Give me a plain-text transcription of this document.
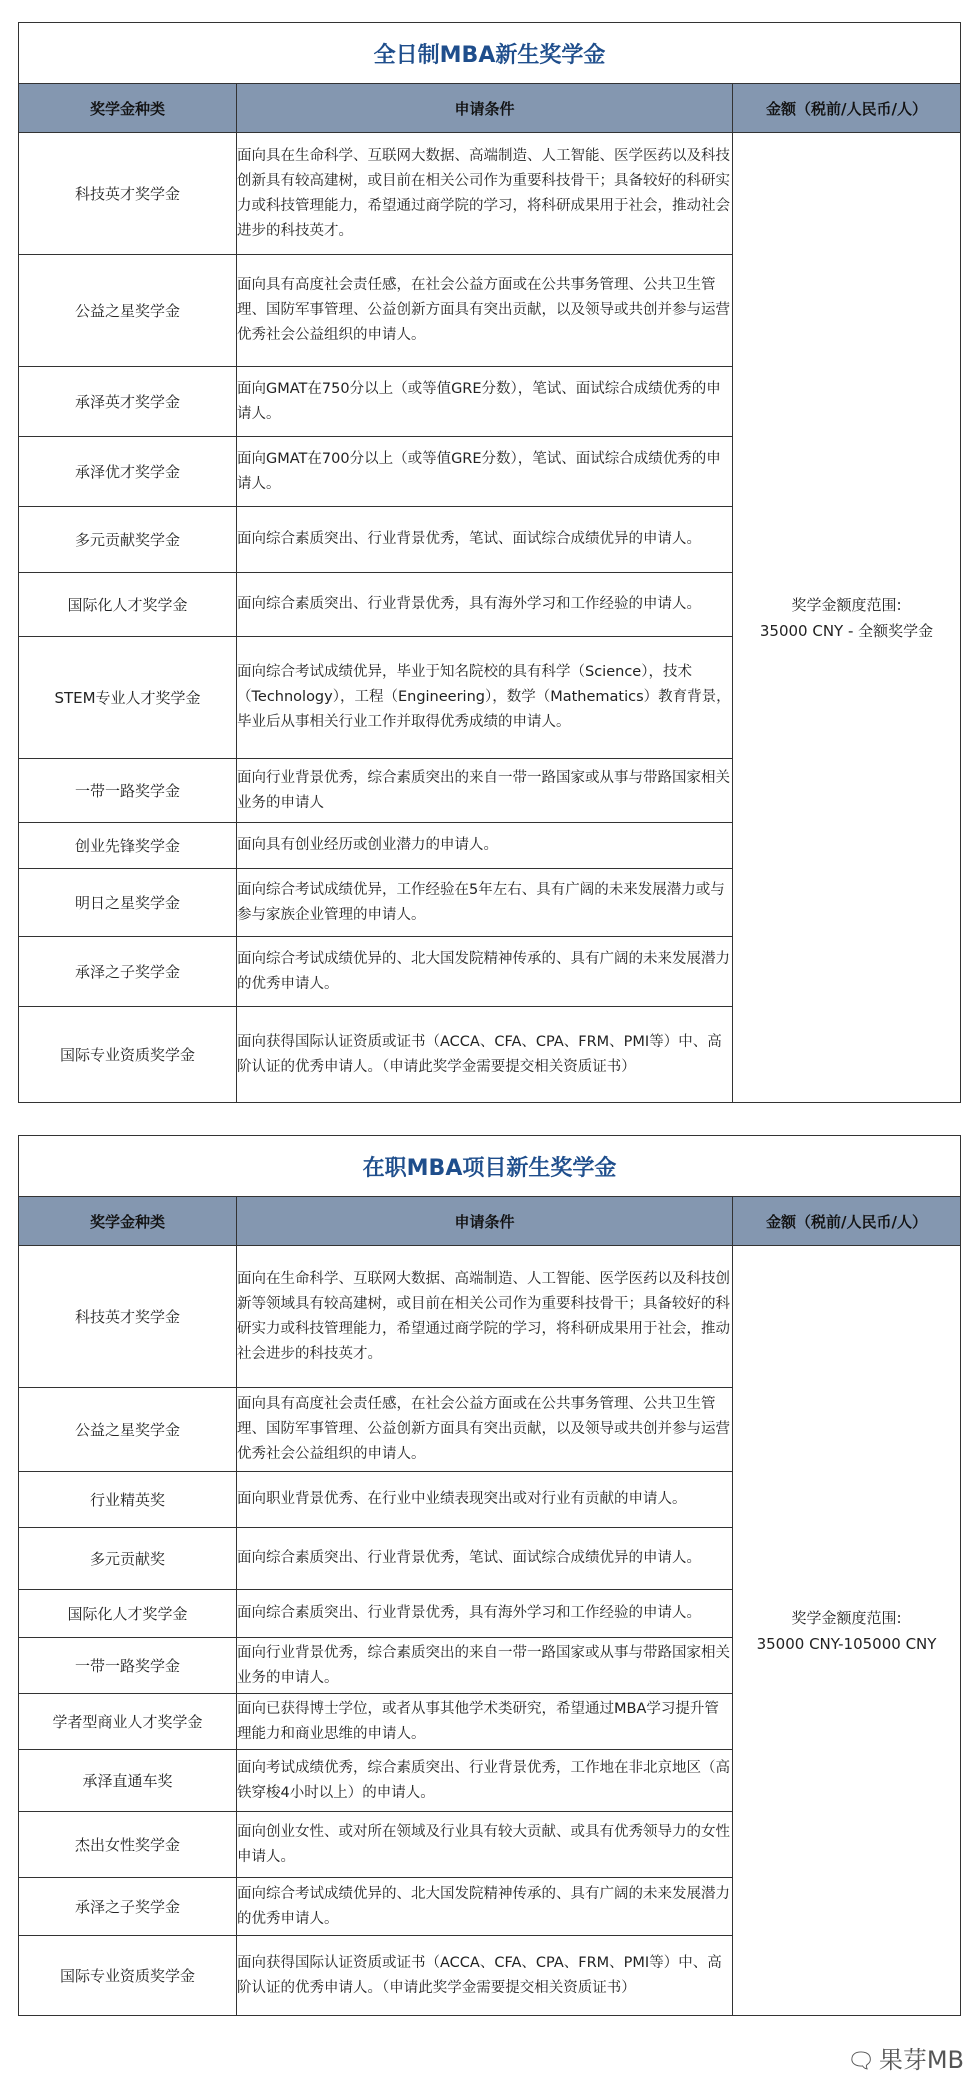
全日制MBA新生奖学金		
奖学金种类	申请条件	金额（税前/人民币/人）
科技英才奖学金	面向具在生命科学、互联网大数据、高端制造、人工智能、医学医药以及科技创新具有较高建树，或目前在相关公司作为重要科技骨干；具备较好的科研实力或科技管理能力，希望通过商学院的学习，将科研成果用于社会，推动社会进步的科技英才。	奖学金额度范围:
35000 CNY - 全额奖学金

公益之星奖学金	面向具有高度社会责任感，在社会公益方面或在公共事务管理、公共卫生管理、国防军事管理、公益创新方面具有突出贡献，以及领导或共创并参与运营优秀社会公益组织的申请人。	
承泽英才奖学金	面向GMAT在750分以上（或等值GRE分数），笔试、面试综合成绩优秀的申请人。	
承泽优才奖学金	面向GMAT在700分以上（或等值GRE分数），笔试、面试综合成绩优秀的申请人。	
多元贡献奖学金	面向综合素质突出、行业背景优秀，笔试、面试综合成绩优异的申请人。	
国际化人才奖学金	面向综合素质突出、行业背景优秀，具有海外学习和工作经验的申请人。	
STEM专业人才奖学金	面向综合考试成绩优异，毕业于知名院校的具有科学（Science），技术（Technology），工程（Engineering），数学（Mathematics）教育背景，毕业后从事相关行业工作并取得优秀成绩的申请人。	
一带一路奖学金	面向行业背景优秀，综合素质突出的来自一带一路国家或从事与带路国家相关业务的申请人	
创业先锋奖学金	面向具有创业经历或创业潜力的申请人。	
明日之星奖学金	面向综合考试成绩优异，工作经验在5年左右、具有广阔的未来发展潜力或与参与家族企业管理的申请人。	
承泽之子奖学金	面向综合考试成绩优异的、北大国发院精神传承的、具有广阔的未来发展潜力的优秀申请人。	
国际专业资质奖学金	面向获得国际认证资质或证书（ACCA、CFA、CPA、FRM、PMI等）中、高阶认证的优秀申请人。（申请此奖学金需要提交相关资质证书）	
在职MBA项目新生奖学金		
奖学金种类	申请条件	金额（税前/人民币/人）
科技英才奖学金	面向在生命科学、互联网大数据、高端制造、人工智能、医学医药以及科技创新等领域具有较高建树，或目前在相关公司作为重要科技骨干；具备较好的科研实力或科技管理能力，希望通过商学院的学习，将科研成果用于社会，推动社会进步的科技英才。	奖学金额度范围:
35000 CNY-105000 CNY

公益之星奖学金	面向具有高度社会责任感，在社会公益方面或在公共事务管理、公共卫生管理、国防军事管理、公益创新方面具有突出贡献，以及领导或共创并参与运营优秀社会公益组织的申请人。	
行业精英奖	面向职业背景优秀、在行业中业绩表现突出或对行业有贡献的申请人。	
多元贡献奖	面向综合素质突出、行业背景优秀，笔试、面试综合成绩优异的申请人。	
国际化人才奖学金	面向综合素质突出、行业背景优秀，具有海外学习和工作经验的申请人。	
一带一路奖学金	面向行业背景优秀，综合素质突出的来自一带一路国家或从事与带路国家相关业务的申请人。	
学者型商业人才奖学金	面向已获得博士学位，或者从事其他学术类研究，希望通过MBA学习提升管理能力和商业思维的申请人。	
承泽直通车奖	面向考试成绩优秀，综合素质突出、行业背景优秀，工作地在非北京地区（高铁穿梭4小时以上）的申请人。	
杰出女性奖学金	面向创业女性、或对所在领域及行业具有较大贡献、或具有优秀领导力的女性申请人。	
承泽之子奖学金	面向综合考试成绩优异的、北大国发院精神传承的、具有广阔的未来发展潜力的优秀申请人。	
国际专业资质奖学金	面向获得国际认证资质或证书（ACCA、CFA、CPA、FRM、PMI等）中、高阶认证的优秀申请人。（申请此奖学金需要提交相关资质证书）	
🗨 果芽MB
